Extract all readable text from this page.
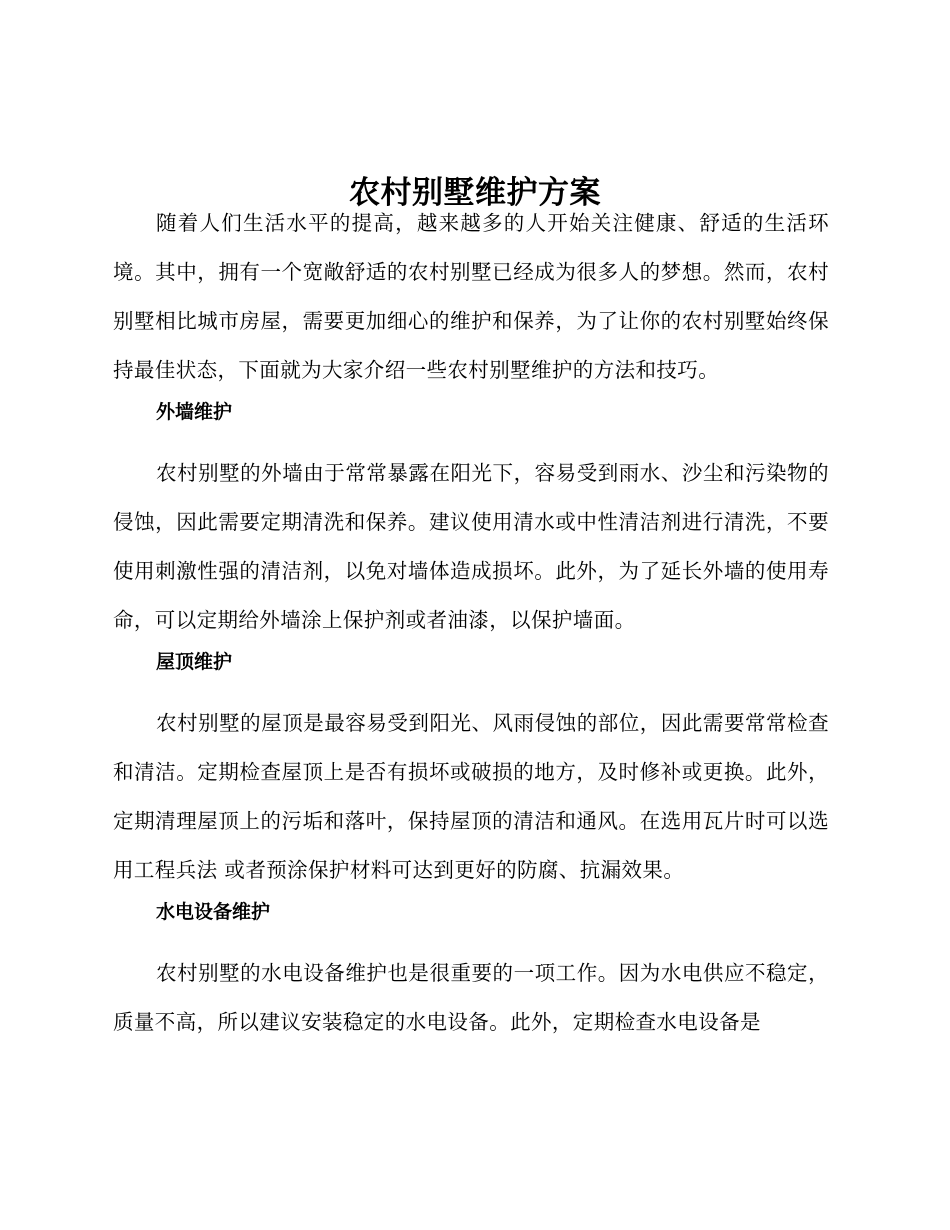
农村别墅维护方案

随着人们生活水平的提高，越来越多的人开始关注健康、舒适的生活环境。其中，拥有一个宽敞舒适的农村别墅已经成为很多人的梦想。然而，农村别墅相比城市房屋，需要更加细心的维护和保养，为了让你的农村别墅始终保持最佳状态，下面就为大家介绍一些农村别墅维护的方法和技巧。

外墙维护

农村别墅的外墙由于常常暴露在阳光下，容易受到雨水、沙尘和污染物的侵蚀，因此需要定期清洗和保养。建议使用清水或中性清洁剂进行清洗，不要使用刺激性强的清洁剂，以免对墙体造成损坏。此外，为了延长外墙的使用寿命，可以定期给外墙涂上保护剂或者油漆，以保护墙面。

屋顶维护

农村别墅的屋顶是最容易受到阳光、风雨侵蚀的部位，因此需要常常检查和清洁。定期检查屋顶上是否有损坏或破损的地方，及时修补或更换。此外，定期清理屋顶上的污垢和落叶，保持屋顶的清洁和通风。在选用瓦片时可以选用工程兵法 或者预涂保护材料可达到更好的防腐、抗漏效果。

水电设备维护

农村别墅的水电设备维护也是很重要的一项工作。因为水电供应不稳定，质量不高，所以建议安装稳定的水电设备。此外，定期检查水电设备是
